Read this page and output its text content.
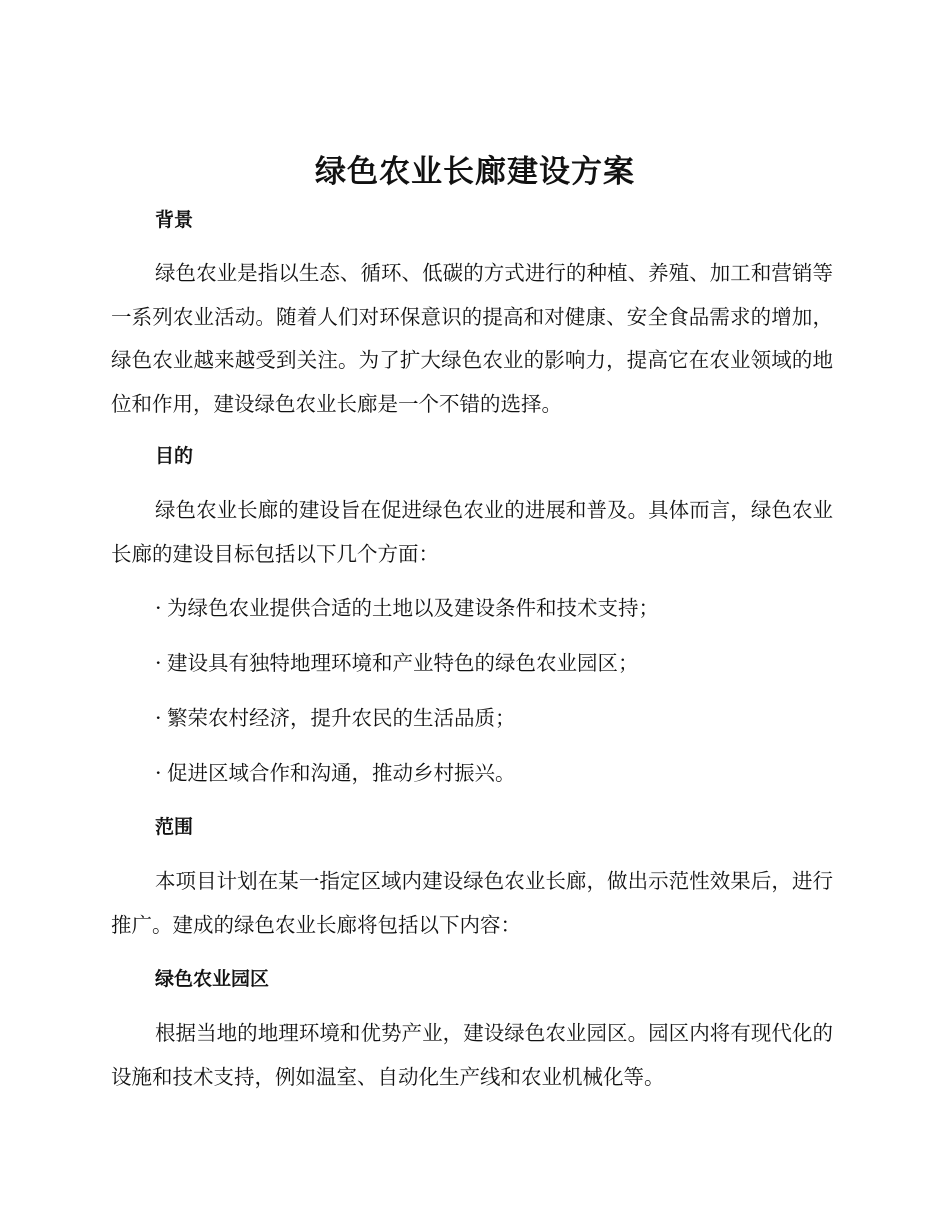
绿色农业长廊建设方案
背景

绿色农业是指以生态、循环、低碳的方式进行的种植、养殖、加工和营销等一系列农业活动。随着人们对环保意识的提高和对健康、安全食品需求的增加，绿色农业越来越受到关注。为了扩大绿色农业的影响力，提高它在农业领域的地位和作用，建设绿色农业长廊是一个不错的选择。

目的

绿色农业长廊的建设旨在促进绿色农业的进展和普及。具体而言，绿色农业长廊的建设目标包括以下几个方面：

· 为绿色农业提供合适的土地以及建设条件和技术支持；

· 建设具有独特地理环境和产业特色的绿色农业园区；

· 繁荣农村经济，提升农民的生活品质；

· 促进区域合作和沟通，推动乡村振兴。

范围

本项目计划在某一指定区域内建设绿色农业长廊，做出示范性效果后，进行推广。建成的绿色农业长廊将包括以下内容：

绿色农业园区

根据当地的地理环境和优势产业，建设绿色农业园区。园区内将有现代化的设施和技术支持，例如温室、自动化生产线和农业机械化等。
